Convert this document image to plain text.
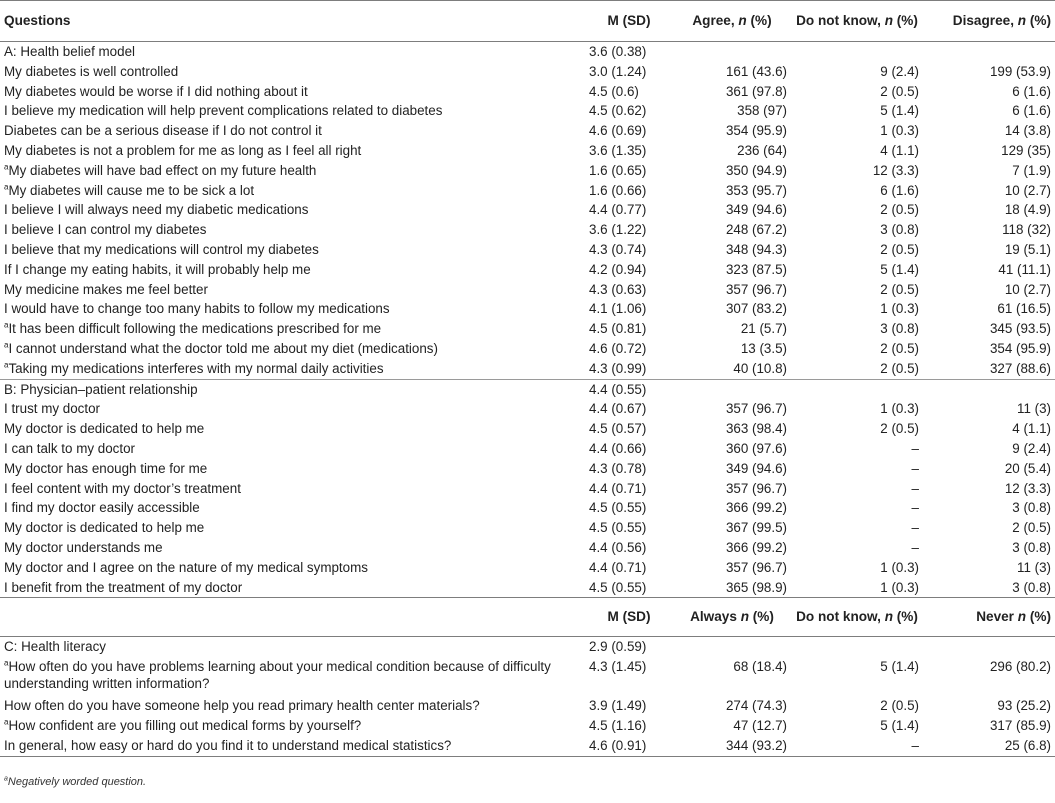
Questions	M (SD)	Agree, n (%)	Do not know, n (%)	Disagree, n (%)
A: Health belief model	3.6 (0.38)			
My diabetes is well controlled	3.0 (1.24)	161 (43.6)	9 (2.4)	199 (53.9)
My diabetes would be worse if I did nothing about it	4.5 (0.6)	361 (97.8)	2 (0.5)	6 (1.6)
I believe my medication will help prevent complications related to diabetes	4.5 (0.62)	358 (97)	5 (1.4)	6 (1.6)
Diabetes can be a serious disease if I do not control it	4.6 (0.69)	354 (95.9)	1 (0.3)	14 (3.8)
My diabetes is not a problem for me as long as I feel all right	3.6 (1.35)	236 (64)	4 (1.1)	129 (35)
$^a$My diabetes will have bad effect on my future health	1.6 (0.65)	350 (94.9)	12 (3.3)	7 (1.9)
$^a$My diabetes will cause me to be sick a lot	1.6 (0.66)	353 (95.7)	6 (1.6)	10 (2.7)
I believe I will always need my diabetic medications	4.4 (0.77)	349 (94.6)	2 (0.5)	18 (4.9)
I believe I can control my diabetes	3.6 (1.22)	248 (67.2)	3 (0.8)	118 (32)
I believe that my medications will control my diabetes	4.3 (0.74)	348 (94.3)	2 (0.5)	19 (5.1)
If I change my eating habits, it will probably help me	4.2 (0.94)	323 (87.5)	5 (1.4)	41 (11.1)
My medicine makes me feel better	4.3 (0.63)	357 (96.7)	2 (0.5)	10 (2.7)
I would have to change too many habits to follow my medications	4.1 (1.06)	307 (83.2)	1 (0.3)	61 (16.5)
$^a$It has been difficult following the medications prescribed for me	4.5 (0.81)	21 (5.7)	3 (0.8)	345 (93.5)
$^a$I cannot understand what the doctor told me about my diet (medications)	4.6 (0.72)	13 (3.5)	2 (0.5)	354 (95.9)
$^a$Taking my medications interferes with my normal daily activities	4.3 (0.99)	40 (10.8)	2 (0.5)	327 (88.6)
B: Physician–patient relationship	4.4 (0.55)			
I trust my doctor	4.4 (0.67)	357 (96.7)	1 (0.3)	11 (3)
My doctor is dedicated to help me	4.5 (0.57)	363 (98.4)	2 (0.5)	4 (1.1)
I can talk to my doctor	4.4 (0.66)	360 (97.6)	–	9 (2.4)
My doctor has enough time for me	4.3 (0.78)	349 (94.6)	–	20 (5.4)
I feel content with my doctor’s treatment	4.4 (0.71)	357 (96.7)	–	12 (3.3)
I find my doctor easily accessible	4.5 (0.55)	366 (99.2)	–	3 (0.8)
My doctor is dedicated to help me	4.5 (0.55)	367 (99.5)	–	2 (0.5)
My doctor understands me	4.4 (0.56)	366 (99.2)	–	3 (0.8)
My doctor and I agree on the nature of my medical symptoms	4.4 (0.71)	357 (96.7)	1 (0.3)	11 (3)
I benefit from the treatment of my doctor	4.5 (0.55)	365 (98.9)	1 (0.3)	3 (0.8)
	M (SD)	Always n (%)	Do not know, n (%)	Never n (%)
C: Health literacy	2.9 (0.59)			
$^a$How often do you have problems learning about your medical condition because of difficulty understanding written information?	4.3 (1.45)	68 (18.4)	5 (1.4)	296 (80.2)
How often do you have someone help you read primary health center materials?	3.9 (1.49)	274 (74.3)	2 (0.5)	93 (25.2)
$^a$How confident are you filling out medical forms by yourself?	4.5 (1.16)	47 (12.7)	5 (1.4)	317 (85.9)
In general, how easy or hard do you find it to understand medical statistics?	4.6 (0.91)	344 (93.2)	–	25 (6.8)
$^a$Negatively worded question.
